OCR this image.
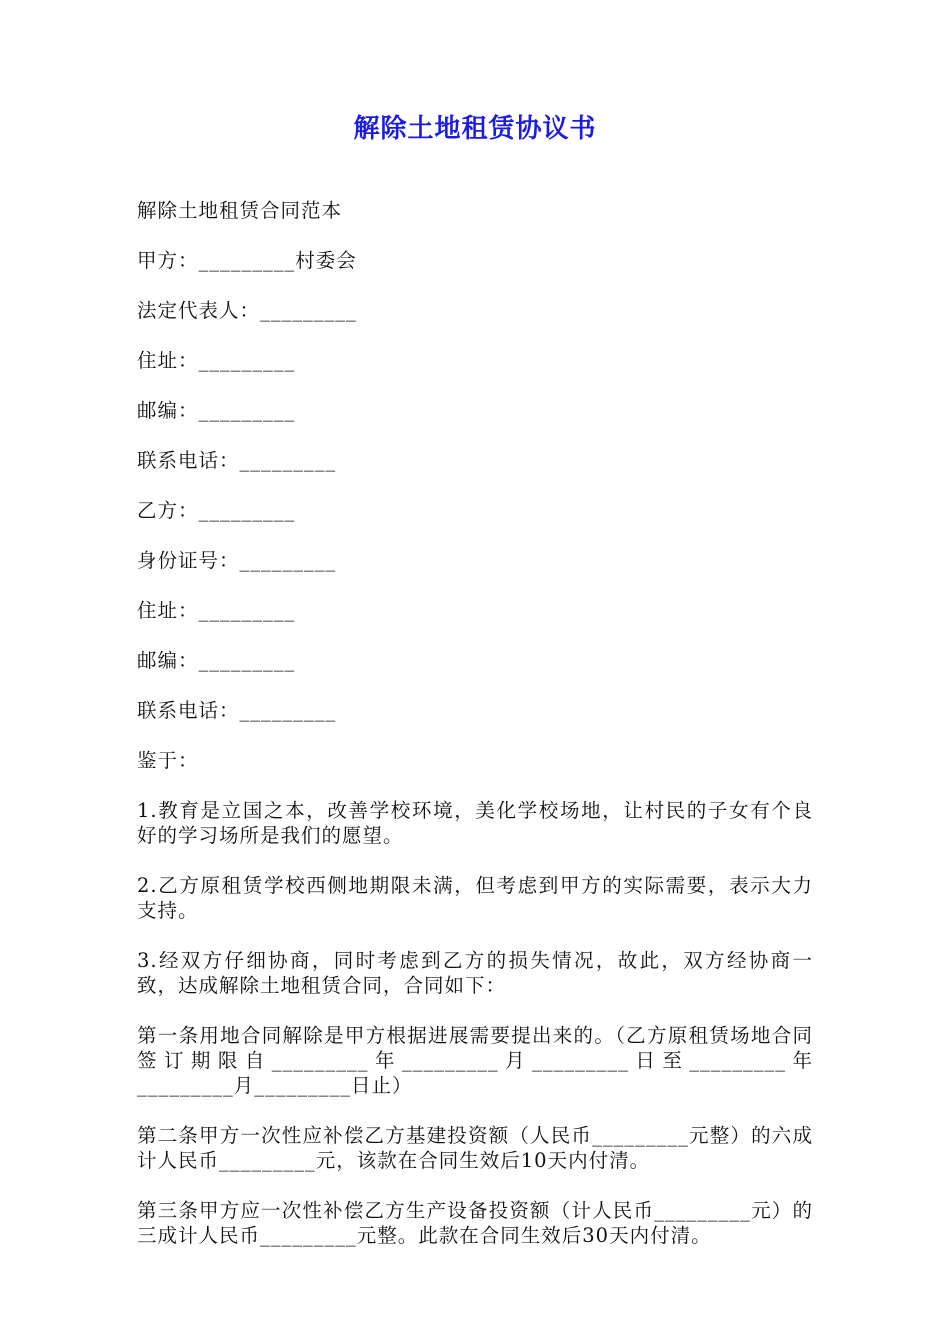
解除土地租赁协议书

解除土地租赁合同范本

甲方：_________村委会

法定代表人：_________

住址：_________

邮编：_________

联系电话：_________

乙方：_________

身份证号：_________

住址：_________

邮编：_________

联系电话：_________

鉴于：

1.教育是立国之本，改善学校环境，美化学校场地，让村民的子女有个良好的学习场所是我们的愿望。

2.乙方原租赁学校西侧地期限未满，但考虑到甲方的实际需要，表示大力支持。

3.经双方仔细协商，同时考虑到乙方的损失情况，故此，双方经协商一致，达成解除土地租赁合同，合同如下：

第一条用地合同解除是甲方根据进展需要提出来的。（乙方原租赁场地合同签订期限自_________年_________月_________日至_________年_________月_________日止）

第二条甲方一次性应补偿乙方基建投资额（人民币_________元整）的六成计人民币_________元，该款在合同生效后10天内付清。

第三条甲方应一次性补偿乙方生产设备投资额（计人民币_________元）的三成计人民币_________元整。此款在合同生效后30天内付清。
